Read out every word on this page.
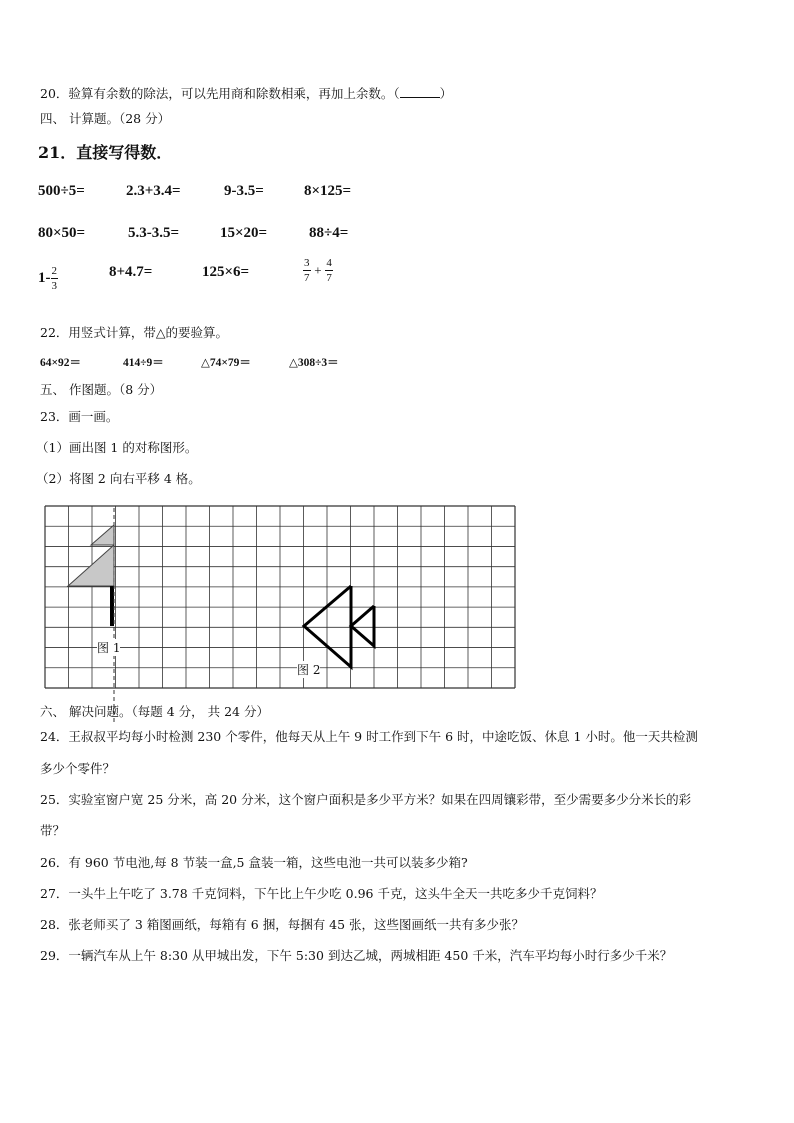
20．验算有余数的除法，可以先用商和除数相乘，再加上余数。（	）
四、 计算题。（28 分）
21．直接写得数．
500÷5=	2.3+3.4=	9-3.5=	8×125=
80×50=	5.3-3.5=	15×20=	88÷4=
$1- \frac{2}{3}$	8+4.7=	125×6=	$\frac{3}{7} + \frac{4}{7}$
22．用竖式计算，带△的要验算。
64×92＝	414÷9＝	△74×79＝	△308÷3＝
五、 作图题。（8 分）
23．画一画。
（1）画出图 1 的对称图形。
（2）将图 2 向右平移 4 格。
图 1
图 2
六、 解决问题。（每题 4 分， 共 24 分）
24．王叔叔平均每小时检测 230 个零件，他每天从上午 9 时工作到下午 6 时，中途吃饭、休息 1 小时。他一天共检测
多少个零件？
25．实验室窗户宽 25 分米，高 20 分米，这个窗户面积是多少平方米？如果在四周镶彩带，至少需要多少分米长的彩
带？
26．有 960 节电池,每 8 节装一盒,5 盒装一箱，这些电池一共可以装多少箱?
27．一头牛上午吃了 3.78 千克饲料，下午比上午少吃 0.96 千克，这头牛全天一共吃多少千克饲料？
28．张老师买了 3 箱图画纸，每箱有 6 捆，每捆有 45 张，这些图画纸一共有多少张？
29．一辆汽车从上午 8:30 从甲城出发，下午 5:30 到达乙城，两城相距 450 千米，汽车平均每小时行多少千米？
